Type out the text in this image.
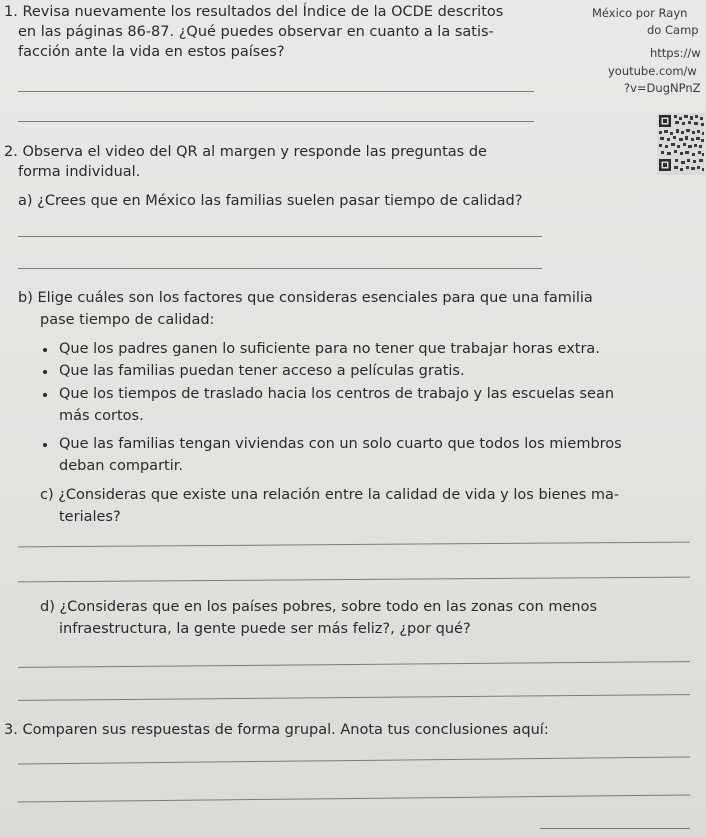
1. Revisa nuevamente los resultados del Índice de la OCDE descritos
en las páginas 86-87. ¿Qué puedes observar en cuanto a la satis-
facción ante la vida en estos países?
México por Rayn
do Camp
https://w
youtube.com/w
?v=DugNPnZ
2. Observa el video del QR al margen y responde las preguntas de
forma individual.
a) ¿Crees que en México las familias suelen pasar tiempo de calidad?
b) Elige cuáles son los factores que consideras esenciales para que una familia
pase tiempo de calidad:
Que los padres ganen lo suficiente para no tener que trabajar horas extra.
Que las familias puedan tener acceso a películas gratis.
Que los tiempos de traslado hacia los centros de trabajo y las escuelas sean
más cortos.
Que las familias tengan viviendas con un solo cuarto que todos los miembros
deban compartir.
c) ¿Consideras que existe una relación entre la calidad de vida y los bienes ma-
teriales?
d) ¿Consideras que en los países pobres, sobre todo en las zonas con menos
infraestructura, la gente puede ser más feliz?, ¿por qué?
3. Comparen sus respuestas de forma grupal. Anota tus conclusiones aquí:
